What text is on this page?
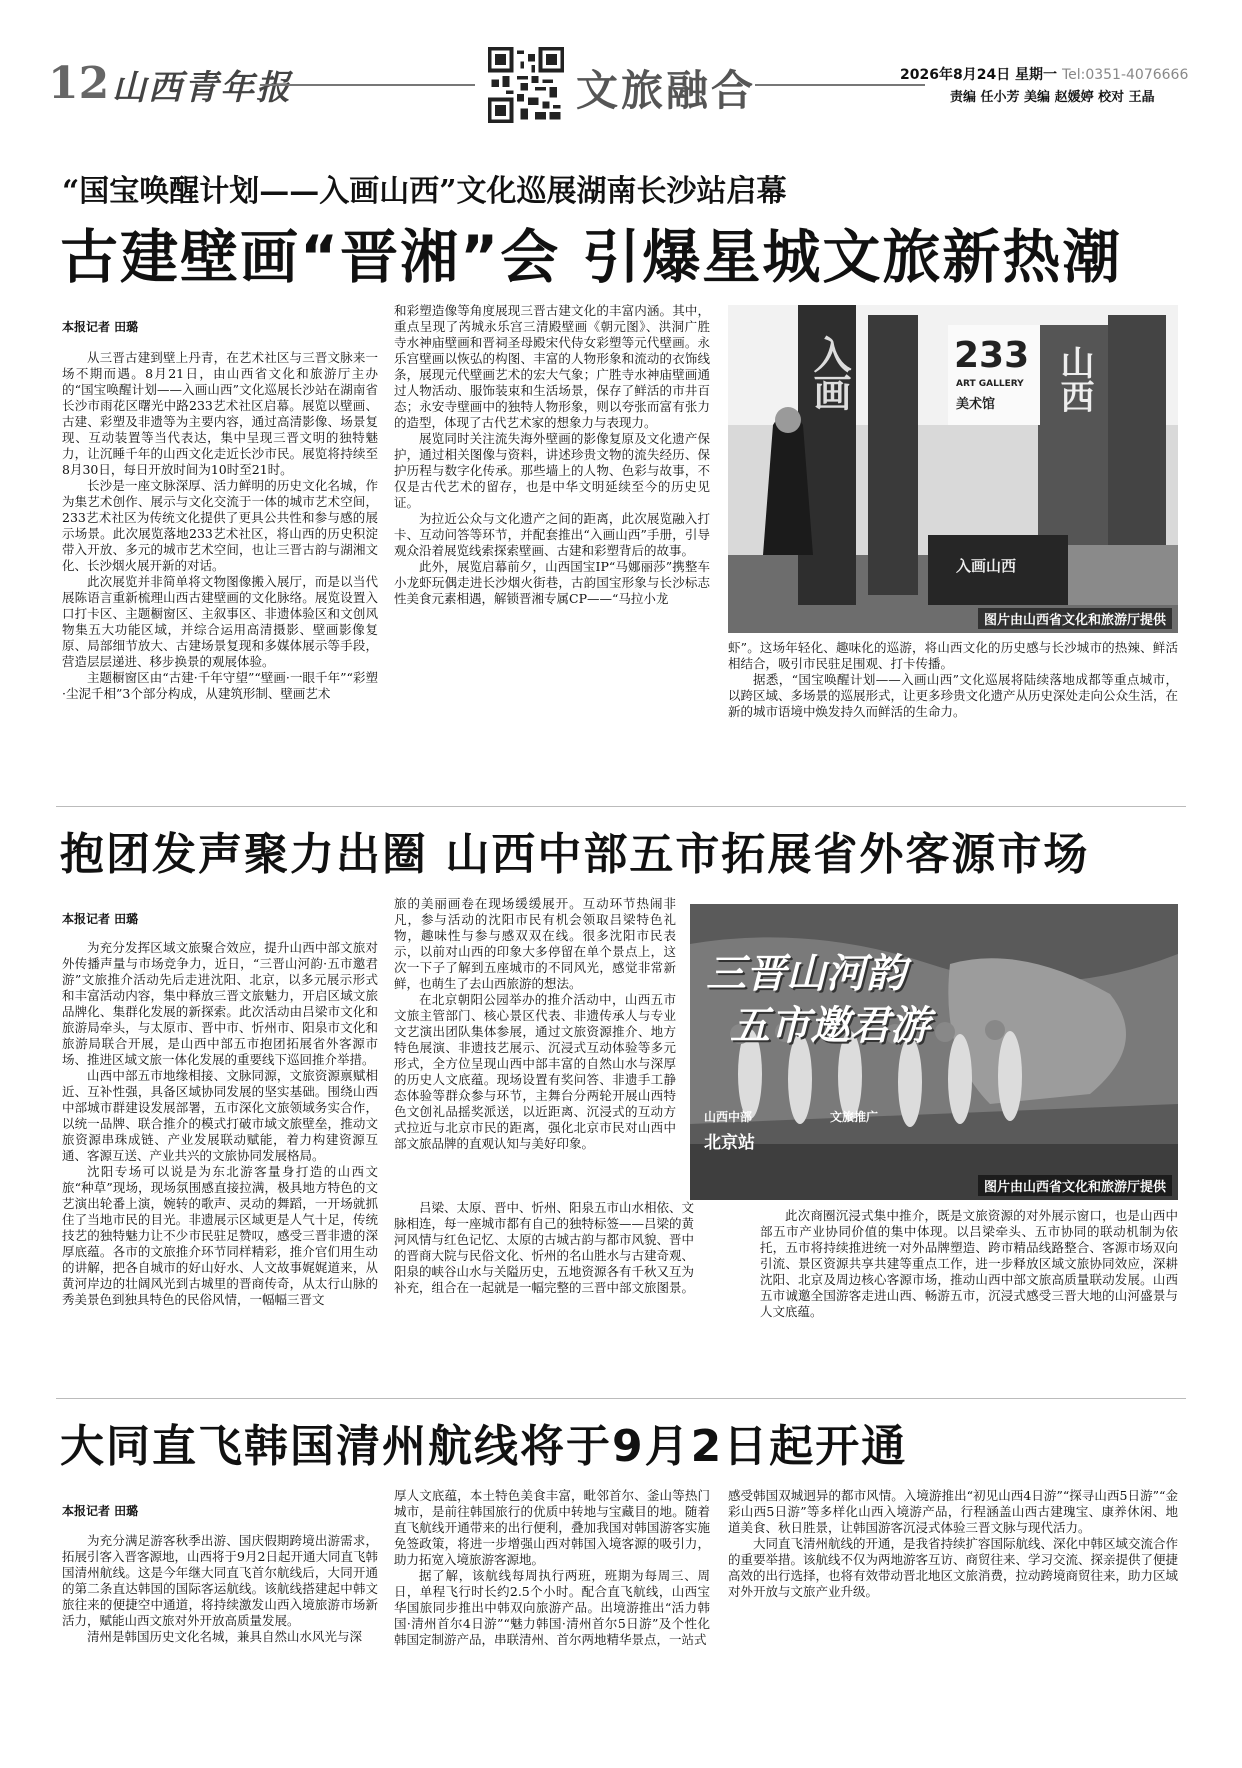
12 山西青年报	文旅融合	2026年8月24日 星期一 Tel:0351-4076666
责编 任小芳 美编 赵媛婷 校对 王晶
“国宝唤醒计划——入画山西”文化巡展湖南长沙站启幕
古建壁画“晋湘”会 引爆星城文旅新热潮
本报记者 田璐

从三晋古建到壁上丹青，在艺术社区与三晋文脉来一场不期而遇。8月21日，由山西省文化和旅游厅主办的“国宝唤醒计划——入画山西”文化巡展长沙站在湖南省长沙市雨花区曙光中路233艺术社区启幕。展览以壁画、古建、彩塑及非遗等为主要内容，通过高清影像、场景复现、互动装置等当代表达，集中呈现三晋文明的独特魅力，让沉睡千年的山西文化走近长沙市民。展览将持续至8月30日，每日开放时间为10时至21时。

长沙是一座文脉深厚、活力鲜明的历史文化名城，作为集艺术创作、展示与文化交流于一体的城市艺术空间，233艺术社区为传统文化提供了更具公共性和参与感的展示场景。此次展览落地233艺术社区，将山西的历史积淀带入开放、多元的城市艺术空间，也让三晋古韵与湖湘文化、长沙烟火展开新的对话。

此次展览并非简单将文物图像搬入展厅，而是以当代展陈语言重新梳理山西古建壁画的文化脉络。展览设置入口打卡区、主题橱窗区、主叙事区、非遗体验区和文创风物集五大功能区域，并综合运用高清摄影、壁画影像复原、局部细节放大、古建场景复现和多媒体展示等手段，营造层层递进、移步换景的观展体验。

主题橱窗区由“古建·千年守望”“壁画·一眼千年”“彩塑·尘泥千相”3个部分构成，从建筑形制、壁画艺术

和彩塑造像等角度展现三晋古建文化的丰富内涵。其中，重点呈现了芮城永乐宫三清殿壁画《朝元图》、洪洞广胜寺水神庙壁画和晋祠圣母殿宋代侍女彩塑等元代壁画。永乐宫壁画以恢弘的构图、丰富的人物形象和流动的衣饰线条，展现元代壁画艺术的宏大气象；广胜寺水神庙壁画通过人物活动、服饰装束和生活场景，保存了鲜活的市井百态；永安寺壁画中的独特人物形象，则以夸张而富有张力的造型，体现了古代艺术家的想象力与表现力。

展览同时关注流失海外壁画的影像复原及文化遗产保护，通过相关图像与资料，讲述珍贵文物的流失经历、保护历程与数字化传承。那些墙上的人物、色彩与故事，不仅是古代艺术的留存，也是中华文明延续至今的历史见证。

为拉近公众与文化遗产之间的距离，此次展览融入打卡、互动问答等环节，并配套推出“入画山西”手册，引导观众沿着展览线索探索壁画、古建和彩塑背后的故事。

此外，展览启幕前夕，山西国宝IP“马娜丽莎”携整车小龙虾玩偶走进长沙烟火街巷，古韵国宝形象与长沙标志性美食元素相遇，解锁晋湘专属CP——“马拉小龙

入画	233
ART GALLERY
美术馆 山西
入画山西
图片由山西省文化和旅游厅提供

虾”。这场年轻化、趣味化的巡游，将山西文化的历史感与长沙城市的热辣、鲜活相结合，吸引市民驻足围观、打卡传播。

据悉，“国宝唤醒计划——入画山西”文化巡展将陆续落地成都等重点城市，以跨区域、多场景的巡展形式，让更多珍贵文化遗产从历史深处走向公众生活，在新的城市语境中焕发持久而鲜活的生命力。

抱团发声聚力出圈 山西中部五市拓展省外客源市场
本报记者 田璐

为充分发挥区域文旅聚合效应，提升山西中部文旅对外传播声量与市场竞争力，近日，“三晋山河韵·五市邀君游”文旅推介活动先后走进沈阳、北京，以多元展示形式和丰富活动内容，集中释放三晋文旅魅力，开启区域文旅品牌化、集群化发展的新探索。此次活动由吕梁市文化和旅游局牵头，与太原市、晋中市、忻州市、阳泉市文化和旅游局联合开展，是山西中部五市抱团拓展省外客源市场、推进区域文旅一体化发展的重要线下巡回推介举措。

山西中部五市地缘相接、文脉同源，文旅资源禀赋相近、互补性强，具备区域协同发展的坚实基础。围绕山西中部城市群建设发展部署，五市深化文旅领域务实合作，以统一品牌、联合推介的模式打破市域文旅壁垒，推动文旅资源串珠成链、产业发展联动赋能，着力构建资源互通、客源互送、产业共兴的文旅协同发展格局。

沈阳专场可以说是为东北游客量身打造的山西文旅“种草”现场，现场氛围感直接拉满，极具地方特色的文艺演出轮番上演，婉转的歌声、灵动的舞蹈，一开场就抓住了当地市民的目光。非遗展示区域更是人气十足，传统技艺的独特魅力让不少市民驻足赞叹，感受三晋非遗的深厚底蕴。各市的文旅推介环节同样精彩，推介官们用生动的讲解，把各自城市的好山好水、人文故事娓娓道来，从黄河岸边的壮阔风光到古城里的晋商传奇，从太行山脉的秀美景色到独具特色的民俗风情，一幅幅三晋文

旅的美丽画卷在现场缓缓展开。互动环节热闹非凡，参与活动的沈阳市民有机会领取吕梁特色礼物，趣味性与参与感双双在线。很多沈阳市民表示，以前对山西的印象大多停留在单个景点上，这次一下子了解到五座城市的不同风光，感觉非常新鲜，也萌生了去山西旅游的想法。

在北京朝阳公园举办的推介活动中，山西五市文旅主管部门、核心景区代表、非遗传承人与专业文艺演出团队集体参展，通过文旅资源推介、地方特色展演、非遗技艺展示、沉浸式互动体验等多元形式，全方位呈现山西中部丰富的自然山水与深厚的历史人文底蕴。现场设置有奖问答、非遗手工静态体验等群众参与环节，主舞台分两轮开展山西特色文创礼品摇奖派送，以近距离、沉浸式的互动方式拉近与北京市民的距离，强化北京市民对山西中部文旅品牌的直观认知与美好印象。

三晋山河韵
五市邀君游
山西中部	文旅推广
北京站
图片由山西省文化和旅游厅提供

吕梁、太原、晋中、忻州、阳泉五市山水相依、文脉相连，每一座城市都有自己的独特标签——吕梁的黄河风情与红色记忆、太原的古城古韵与都市风貌、晋中的晋商大院与民俗文化、忻州的名山胜水与古建奇观、阳泉的峡谷山水与关隘历史，五地资源各有千秋又互为补充，组合在一起就是一幅完整的三晋中部文旅图景。

此次商圈沉浸式集中推介，既是文旅资源的对外展示窗口，也是山西中部五市产业协同价值的集中体现。以吕梁牵头、五市协同的联动机制为依托，五市将持续推进统一对外品牌塑造、跨市精品线路整合、客源市场双向引流、景区资源共享共建等重点工作，进一步释放区域文旅协同效应，深耕沈阳、北京及周边核心客源市场，推动山西中部文旅高质量联动发展。山西五市诚邀全国游客走进山西、畅游五市，沉浸式感受三晋大地的山河盛景与人文底蕴。

大同直飞韩国清州航线将于9月2日起开通
本报记者 田璐

为充分满足游客秋季出游、国庆假期跨境出游需求，拓展引客入晋客源地，山西将于9月2日起开通大同直飞韩国清州航线。这是今年继大同直飞首尔航线后，大同开通的第二条直达韩国的国际客运航线。该航线搭建起中韩文旅往来的便捷空中通道，将持续激发山西入境旅游市场新活力，赋能山西文旅对外开放高质量发展。

清州是韩国历史文化名城，兼具自然山水风光与深

厚人文底蕴，本土特色美食丰富，毗邻首尔、釜山等热门城市，是前往韩国旅行的优质中转地与宝藏目的地。随着直飞航线开通带来的出行便利，叠加我国对韩国游客实施免签政策，将进一步增强山西对韩国入境客源的吸引力，助力拓宽入境旅游客源地。

据了解，该航线每周执行两班，班期为每周三、周日，单程飞行时长约2.5个小时。配合直飞航线，山西宝华国旅同步推出中韩双向旅游产品。出境游推出“活力韩国·清州首尔4日游”“魅力韩国·清州首尔5日游”及个性化韩国定制游产品，串联清州、首尔两地精华景点，一站式

感受韩国双城迥异的都市风情。入境游推出“初见山西4日游”“探寻山西5日游”“金彩山西5日游”等多样化山西入境游产品，行程涵盖山西古建瑰宝、康养休闲、地道美食、秋日胜景，让韩国游客沉浸式体验三晋文脉与现代活力。

大同直飞清州航线的开通，是我省持续扩容国际航线、深化中韩区域交流合作的重要举措。该航线不仅为两地游客互访、商贸往来、学习交流、探亲提供了便捷高效的出行选择，也将有效带动晋北地区文旅消费，拉动跨境商贸往来，助力区域对外开放与文旅产业升级。
